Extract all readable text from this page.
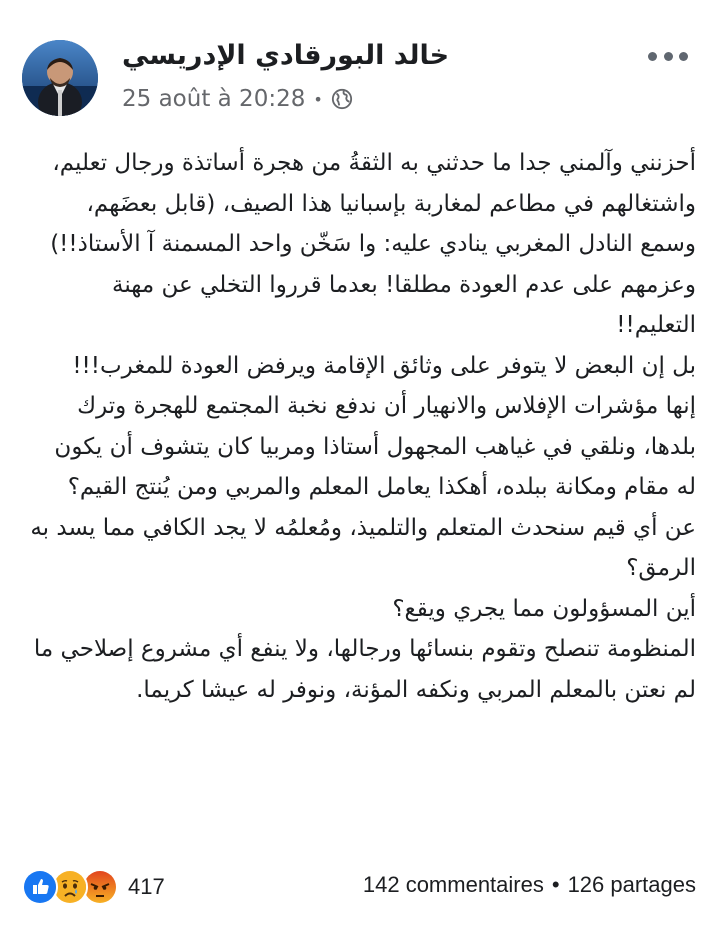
خالد البورقادي الإدريسي
25 août à 20:28 •

أحزنني وآلمني جدا ما حدثني به الثقةُ من هجرة أساتذة ورجال تعليم، واشتغالهم في مطاعم لمغاربة بإسبانيا هذا الصيف، (قابل بعضَهم، وسمع النادل المغربي ينادي عليه: وا سَخّن واحد المسمنة آ الأستاذ!!) وعزمهم على عدم العودة مطلقا! بعدما قرروا التخلي عن مهنة التعليم!!

بل إن البعض لا يتوفر على وثائق الإقامة ويرفض العودة للمغرب!!!

إنها مؤشرات الإفلاس والانهيار أن ندفع نخبة المجتمع للهجرة وترك بلدها، ونلقي في غياهب المجهول أستاذا ومربيا كان يتشوف أن يكون له مقام ومكانة ببلده، أهكذا يعامل المعلم والمربي ومن يُنتج القيم؟

عن أي قيم سنحدث المتعلم والتلميذ، ومُعلمُه لا يجد الكافي مما يسد به الرمق؟

أين المسؤولون مما يجري ويقع؟

المنظومة تنصلح وتقوم بنسائها ورجالها، ولا ينفع أي مشروع إصلاحي ما لم نعتن بالمعلم المربي ونكفه المؤنة، ونوفر له عيشا كريما.

417	142 commentaires • 126 partages
